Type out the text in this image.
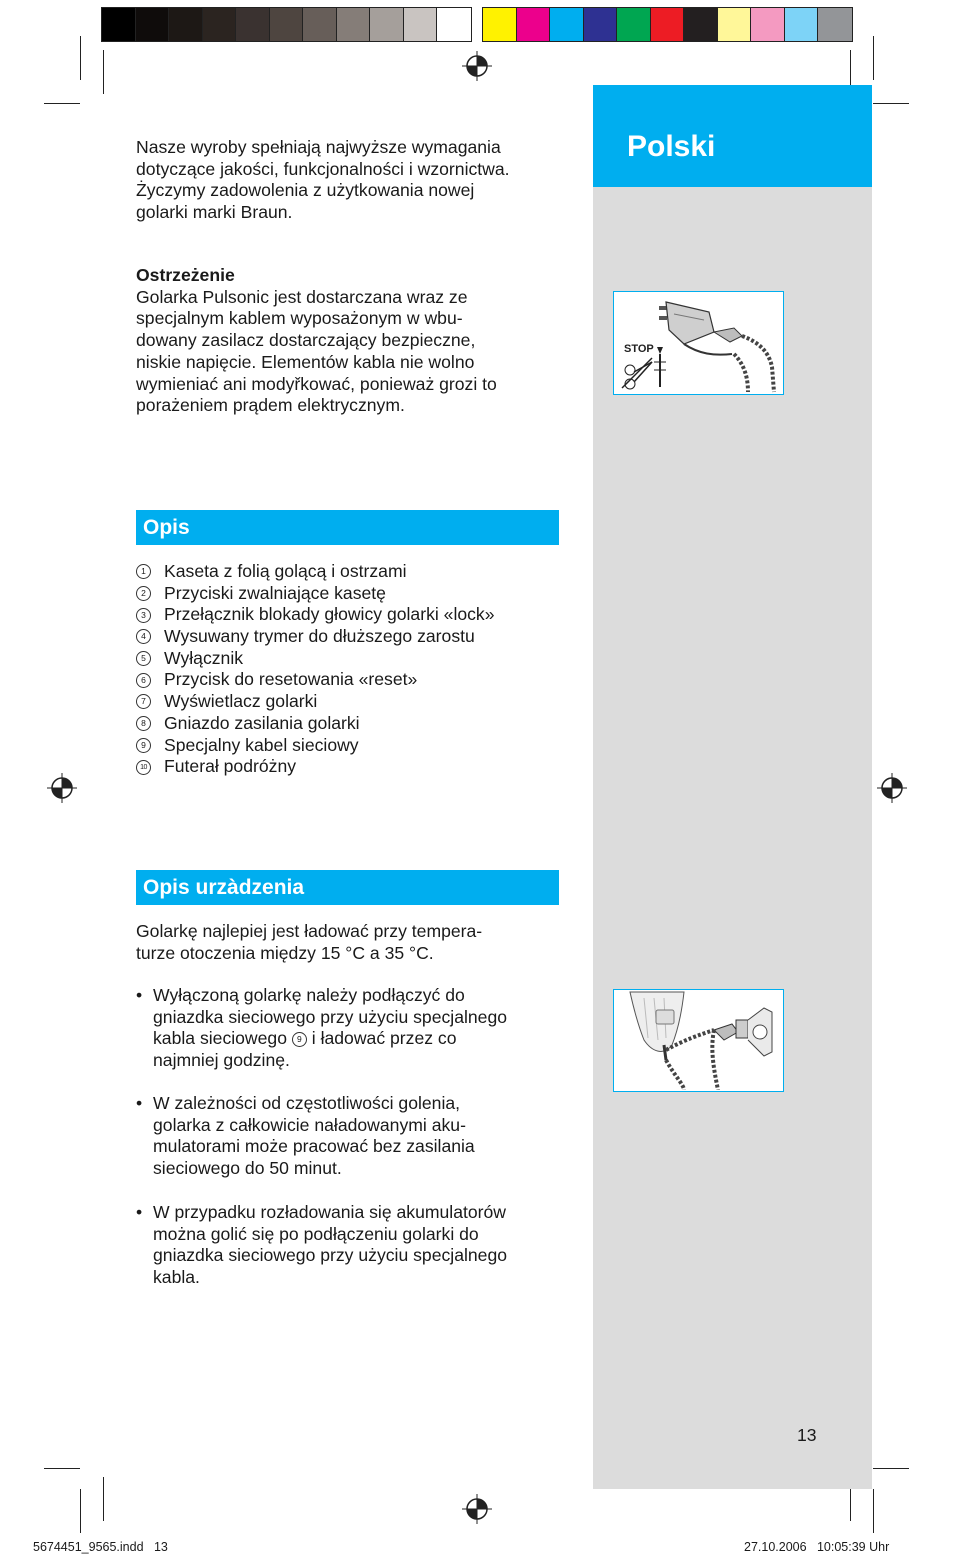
Polski
STOP
13
Nasze wyroby spełniają najwyższe wymagania
dotyczące jakości, funkcjonalności i wzornictwa.
Życzymy zadowolenia z użytkowania nowej
golarki marki Braun.
Ostrzeżenie
Golarka Pulsonic jest dostarczana wraz ze
specjalnym kablem wyposażonym w wbu-
dowany zasilacz dostarczający bezpieczne,
niskie napięcie. Elementów kabla nie wolno
wymieniać ani modyřkować, ponieważ grozi to
porażeniem prądem elektrycznym.
Opis
1 Kaseta z folią golącą i ostrzami
2 Przyciski zwalniające kasetę
3 Przełącznik blokady głowicy golarki «lock»
4 Wysuwany trymer do dłuższego zarostu
5 Wyłącznik
6 Przycisk do resetowania «reset»
7 Wyświetlacz golarki
8 Gniazdo zasilania golarki
9 Specjalny kabel sieciowy
10 Futerał podróżny
Opis urzàdzenia
Golarkę najlepiej jest ładować przy tempera-
turze otoczenia między 15 °C a 35 °C.
• Wyłączoną golarkę należy podłączyć do
gniazdka sieciowego przy użyciu specjalnego
kabla sieciowego 9 i ładować przez co
najmniej godzinę.
• W zależności od częstotliwości golenia,
golarka z całkowicie naładowanymi aku-
mulatorami może pracować bez zasilania
sieciowego do 50 minut.
• W przypadku rozładowania się akumulatorów
można golić się po podłączeniu golarki do
gniazdka sieciowego przy użyciu specjalnego
kabla.
5674451_9565.indd   13	27.10.2006   10:05:39 Uhr
